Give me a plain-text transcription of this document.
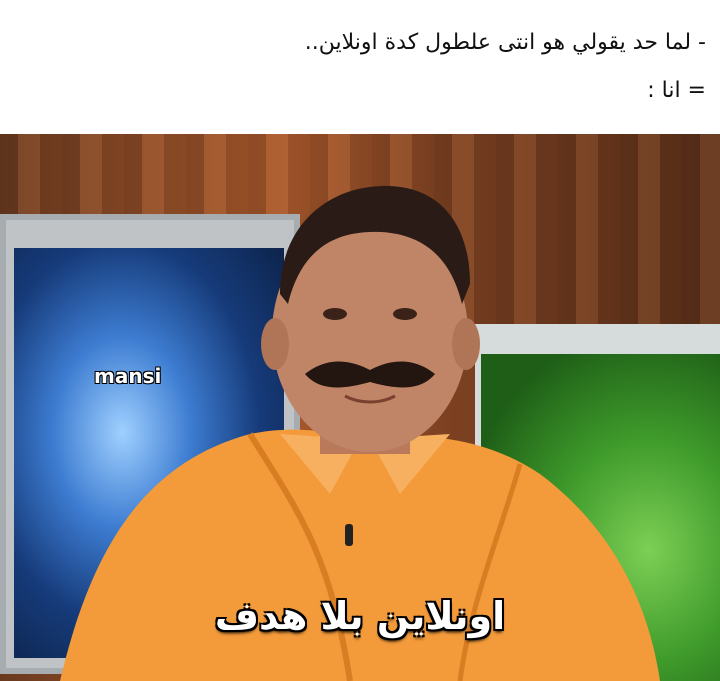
- لما حد يقولي هو انتى علطول كدة اونلاين..
= انا :
mansi
اونلاين بلا هدف
